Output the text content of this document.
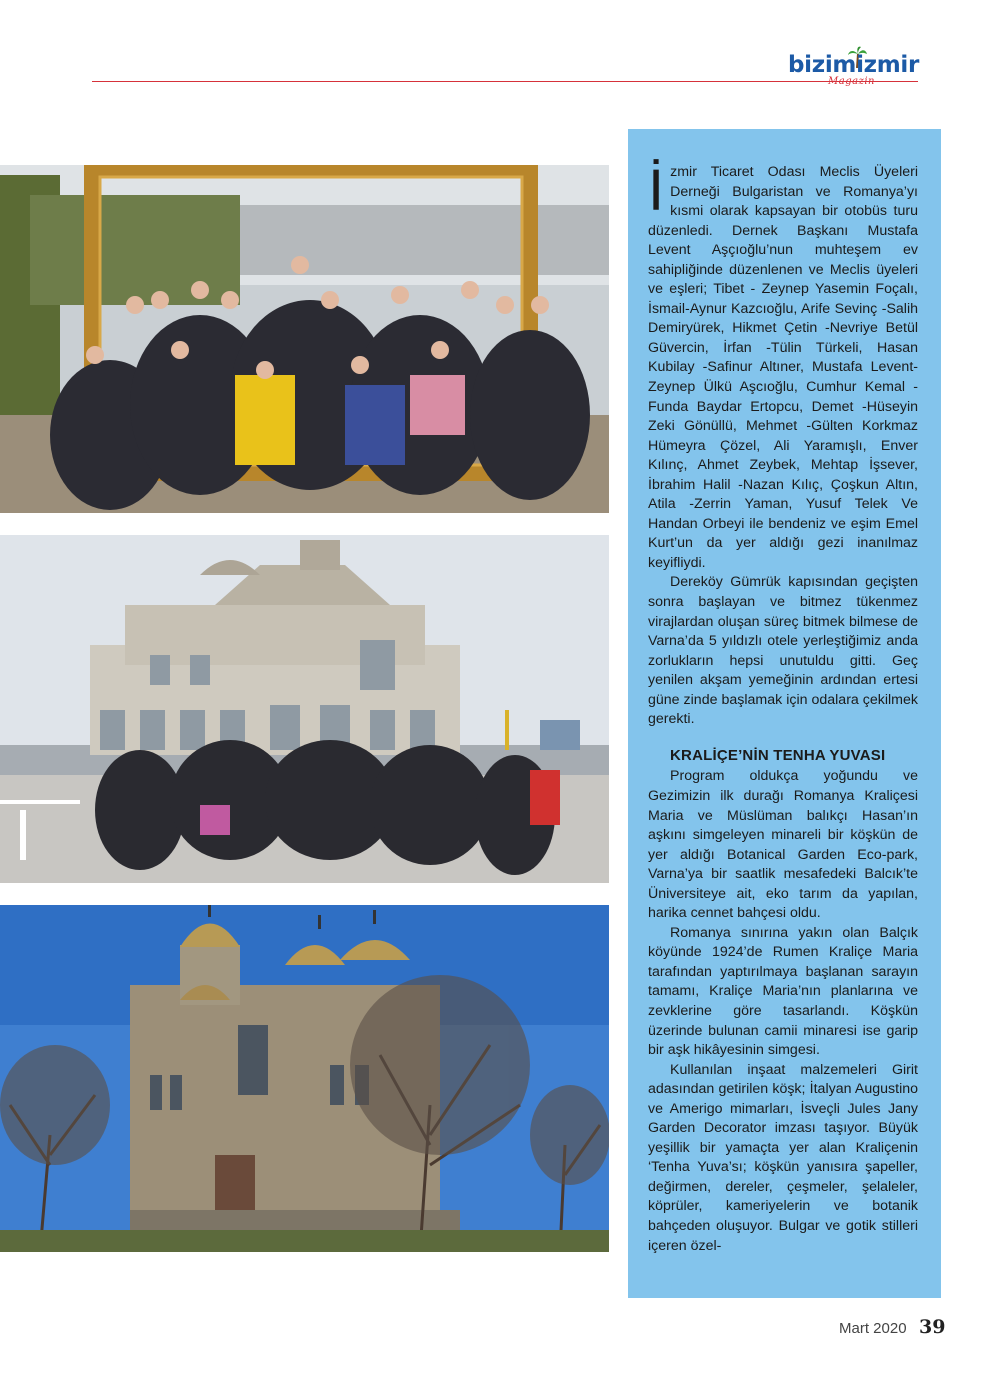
bizimizmir
Magazin

İzmir Ticaret Odası Meclis Üyeleri Derneği Bulgaristan ve Romanya’yı kısmi olarak kapsayan bir otobüs turu düzenledi. Dernek Başkanı Mustafa Levent Aşçıoğlu’nun muhteşem ev sahipliğinde düzenlenen ve Meclis üyeleri ve eşleri; Tibet - Zeynep Yasemin Foçalı, İsmail-Aynur Kazcıoğlu, Arife Sevinç -Salih Demiryürek, Hikmet Çetin -Nevriye Betül Güvercin, İrfan -Tülin Türkeli, Hasan Kubilay -Safinur Altıner, Mustafa Levent- Zeynep Ülkü Aşcıoğlu, Cumhur Kemal -Funda Baydar Ertopcu, Demet -Hüseyin Zeki Gönüllü, Mehmet -Gülten Korkmaz Hümeyra Çözel, Ali Yaramışlı, Enver Kılınç, Ahmet Zeybek, Mehtap İşsever, İbrahim Halil -Nazan Kılıç, Çoşkun Altın, Atila -Zerrin Yaman, Yusuf Telek Ve Handan Orbeyi ile bendeniz ve eşim Emel Kurt’un da yer aldığı gezi inanılmaz keyifliydi.

Dereköy Gümrük kapısından geçişten sonra başlayan ve bitmez tükenmez virajlardan oluşan süreç bitmek bilmese de Varna’da 5 yıldızlı otele yerleştiğimiz anda zorlukların hepsi unutuldu gitti. Geç yenilen akşam yemeğinin ardından ertesi güne zinde başlamak için odalara çekilmek gerekti.

KRALİÇE’NİN TENHA YUVASI

Program oldukça yoğundu ve Gezimizin ilk durağı Romanya Kraliçesi Maria ve Müslüman balıkçı Hasan’ın aşkını simgeleyen minareli bir köşkün de yer aldığı Botanical Garden Eco-park, Varna’ya bir saatlik mesafedeki Balcık’te Üniversiteye ait, eko tarım da yapılan, harika cennet bahçesi oldu.

Romanya sınırına yakın olan Balçık köyünde 1924’de Rumen Kraliçe Maria tarafından yaptırılmaya başlanan sarayın tamamı, Kraliçe Maria’nın planlarına ve zevklerine göre tasarlandı. Köşkün üzerinde bulunan camii minaresi ise garip bir aşk hikâyesinin simgesi.

Kullanılan inşaat malzemeleri Girit adasından getirilen köşk; İtalyan Augustino ve Amerigo mimarları, İsveçli Jules Jany Garden Decorator imzası taşıyor. Büyük yeşillik bir yamaçta yer alan Kraliçenin ‘Tenha Yuva’sı; köşkün yanısıra şapeller, değirmen, dereler, çeşmeler, şelaleler, köprüler, kameriyelerin ve botanik bahçeden oluşuyor. Bulgar ve gotik stilleri içeren özel-

Mart 2020 39
